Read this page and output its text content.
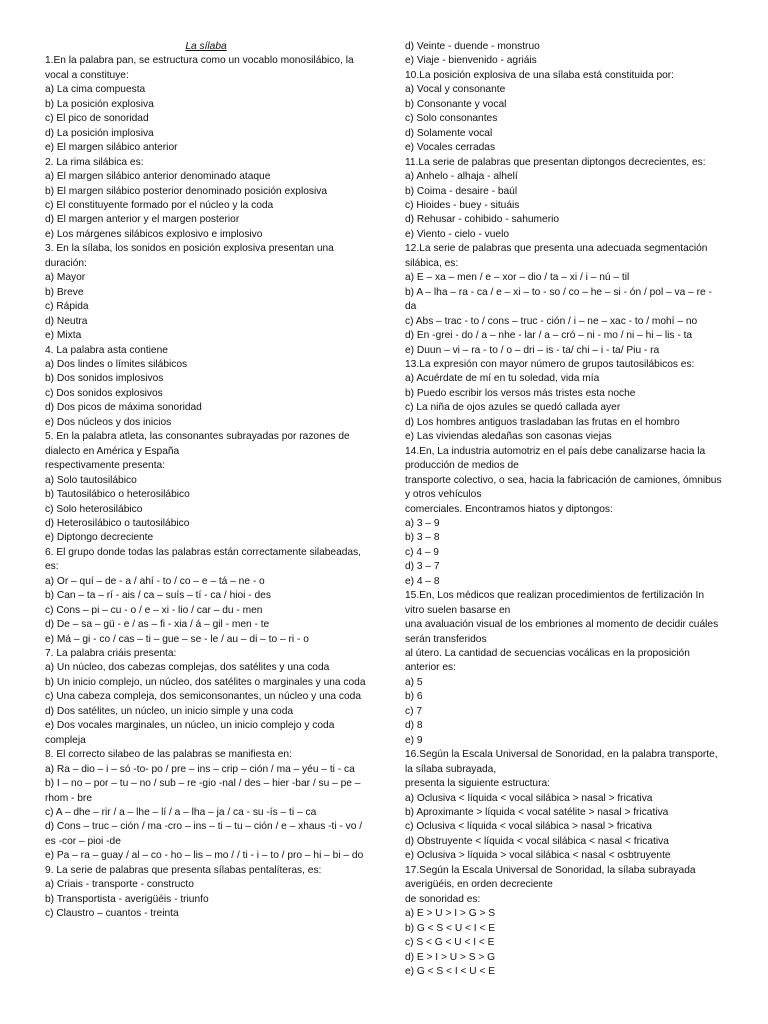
La sílaba
1.En la palabra pan, se estructura como un vocablo monosilábico, la vocal a constituye:
a) La cima compuesta
b) La posición explosiva
c) El pico de sonoridad
d) La posición implosiva
e) El margen silábico anterior
2. La rima silábica es:
a) El margen silábico anterior denominado ataque
b) El margen silábico posterior denominado posición explosiva
c) El constituyente formado por el núcleo y la coda
d) El margen anterior y el margen posterior
e) Los márgenes silábicos explosivo e implosivo
3. En la sílaba, los sonidos en posición explosiva presentan una duración:
a) Mayor
b) Breve
c) Rápida
d) Neutra
e) Mixta
4. La palabra asta contiene
a) Dos lindes o límites silábicos
b) Dos sonidos implosivos
c) Dos sonidos explosivos
d) Dos picos de máxima sonoridad
e) Dos núcleos y dos inicios
5. En la palabra atleta, las consonantes subrayadas por razones de dialecto en América y España
respectivamente presenta:
a) Solo tautosilábico
b) Tautosilábico o heterosilábico
c) Solo heterosilábico
d) Heterosilábico o tautosilábico
e) Diptongo decreciente
6. El grupo donde todas las palabras están correctamente silabeadas, es:
a) Or – quí – de - a / ahí - to / co – e – tá – ne - o
b) Can – ta – rí - ais / ca – suís – tí - ca / hioi - des
c) Cons – pi – cu - o / e – xi - lio / car – du - men
d) De – sa – gü - e / as – fi - xia / á – gil - men - te
e) Má – gi - co / cas – ti – gue – se - le / au – di – to – ri - o
7. La palabra criáis presenta:
a) Un núcleo, dos cabezas complejas, dos satélites y una coda
b) Un inicio complejo, un núcleo, dos satélites o marginales y una coda
c) Una cabeza compleja, dos semiconsonantes, un núcleo y una coda
d) Dos satélites, un núcleo, un inicio simple y una coda
e) Dos vocales marginales, un núcleo, un inicio complejo y coda compleja
8. El correcto silabeo de las palabras se manifiesta en:
a) Ra – dio – i – só -to- po / pre – ins – crip – ción / ma – yéu – ti - ca
b) I – no – por – tu – no / sub – re -gio -nal / des – hier -bar / su – pe – rhom - bre
c) A – dhe – rir / a – lhe – lí / a – lha – ja / ca - su -ís – ti – ca
d) Cons – truc – ción / ma -cro – ins – ti – tu – ción / e – xhaus -ti - vo / es -cor – pioi -de
e) Pa – ra – guay / al – co - ho – lis – mo / / ti - i – to / pro – hi – bi – do
9. La serie de palabras que presenta sílabas pentalíteras, es:
a) Criais - transporte - constructo
b) Transportista - averigüéis - triunfo
c) Claustro – cuantos - treinta
d) Veinte - duende - monstruo
e) Viaje - bienvenido - agriáis
10.La posición explosiva de una sílaba está constituida por:
a) Vocal y consonante
b) Consonante y vocal
c) Solo consonantes
d) Solamente vocal
e) Vocales cerradas
11.La serie de palabras que presentan diptongos decrecientes, es:
a) Anhelo - alhaja - alhelí
b) Coima - desaire - baúl
c) Hioides - buey - situáis
d) Rehusar - cohibido - sahumerio
e) Viento - cielo - vuelo
12.La serie de palabras que presenta una adecuada segmentación silábica, es:
a) E – xa – men / e – xor – dio / ta – xi / i – nú – til
b) A – lha – ra - ca / e – xi – to - so / co – he – si - ón / pol – va – re - da
c) Abs – trac - to / cons – truc - ción / i – ne – xac - to / mohí – no
d) En -grei - do / a – nhe - lar / a – cró – ni - mo / ni – hi – lis - ta
e) Duun – vi – ra - to / o – dri – is - ta/ chi – i - ta/ Piu - ra
13.La expresión con mayor número de grupos tautosilábicos es:
a) Acuérdate de mí en tu soledad, vida mía
b) Puedo escribir los versos más tristes esta noche
c) La niña de ojos azules se quedó callada ayer
d) Los hombres antiguos trasladaban las frutas en el hombro
e) Las viviendas aledañas son casonas viejas
14.En, La industria automotriz en el país debe canalizarse hacia la producción de medios de
transporte colectivo, o sea, hacia la fabricación de camiones, ómnibus y otros vehículos
comerciales. Encontramos hiatos y diptongos:
a) 3 – 9
b) 3 – 8
c) 4 – 9
d) 3 – 7
e) 4 – 8
15.En, Los médicos que realizan procedimientos de fertilización In vitro suelen basarse en
una avaluación visual de los embriones al momento de decidir cuáles serán transferidos
al útero. La cantidad de secuencias vocálicas en la proposición anterior es:
a) 5
b) 6
c) 7
d) 8
e) 9
16.Según la Escala Universal de Sonoridad, en la palabra transporte, la sílaba subrayada,
presenta la siguiente estructura:
a) Oclusiva < líquida < vocal silábica > nasal > fricativa
b) Aproximante > líquida < vocal satélite > nasal > fricativa
c) Oclusiva < líquida < vocal silábica > nasal > fricativa
d) Obstruyente < líquida < vocal silábica < nasal < fricativa
e) Oclusiva > líquida > vocal silábica < nasal < osbtruyente
17.Según la Escala Universal de Sonoridad, la sílaba subrayada averigüéis, en orden decreciente
de sonoridad es:
a) E > U > I > G > S
b) G < S < U < I < E
c) S < G < U < I < E
d) E > I > U > S > G
e) G < S < I < U < E
